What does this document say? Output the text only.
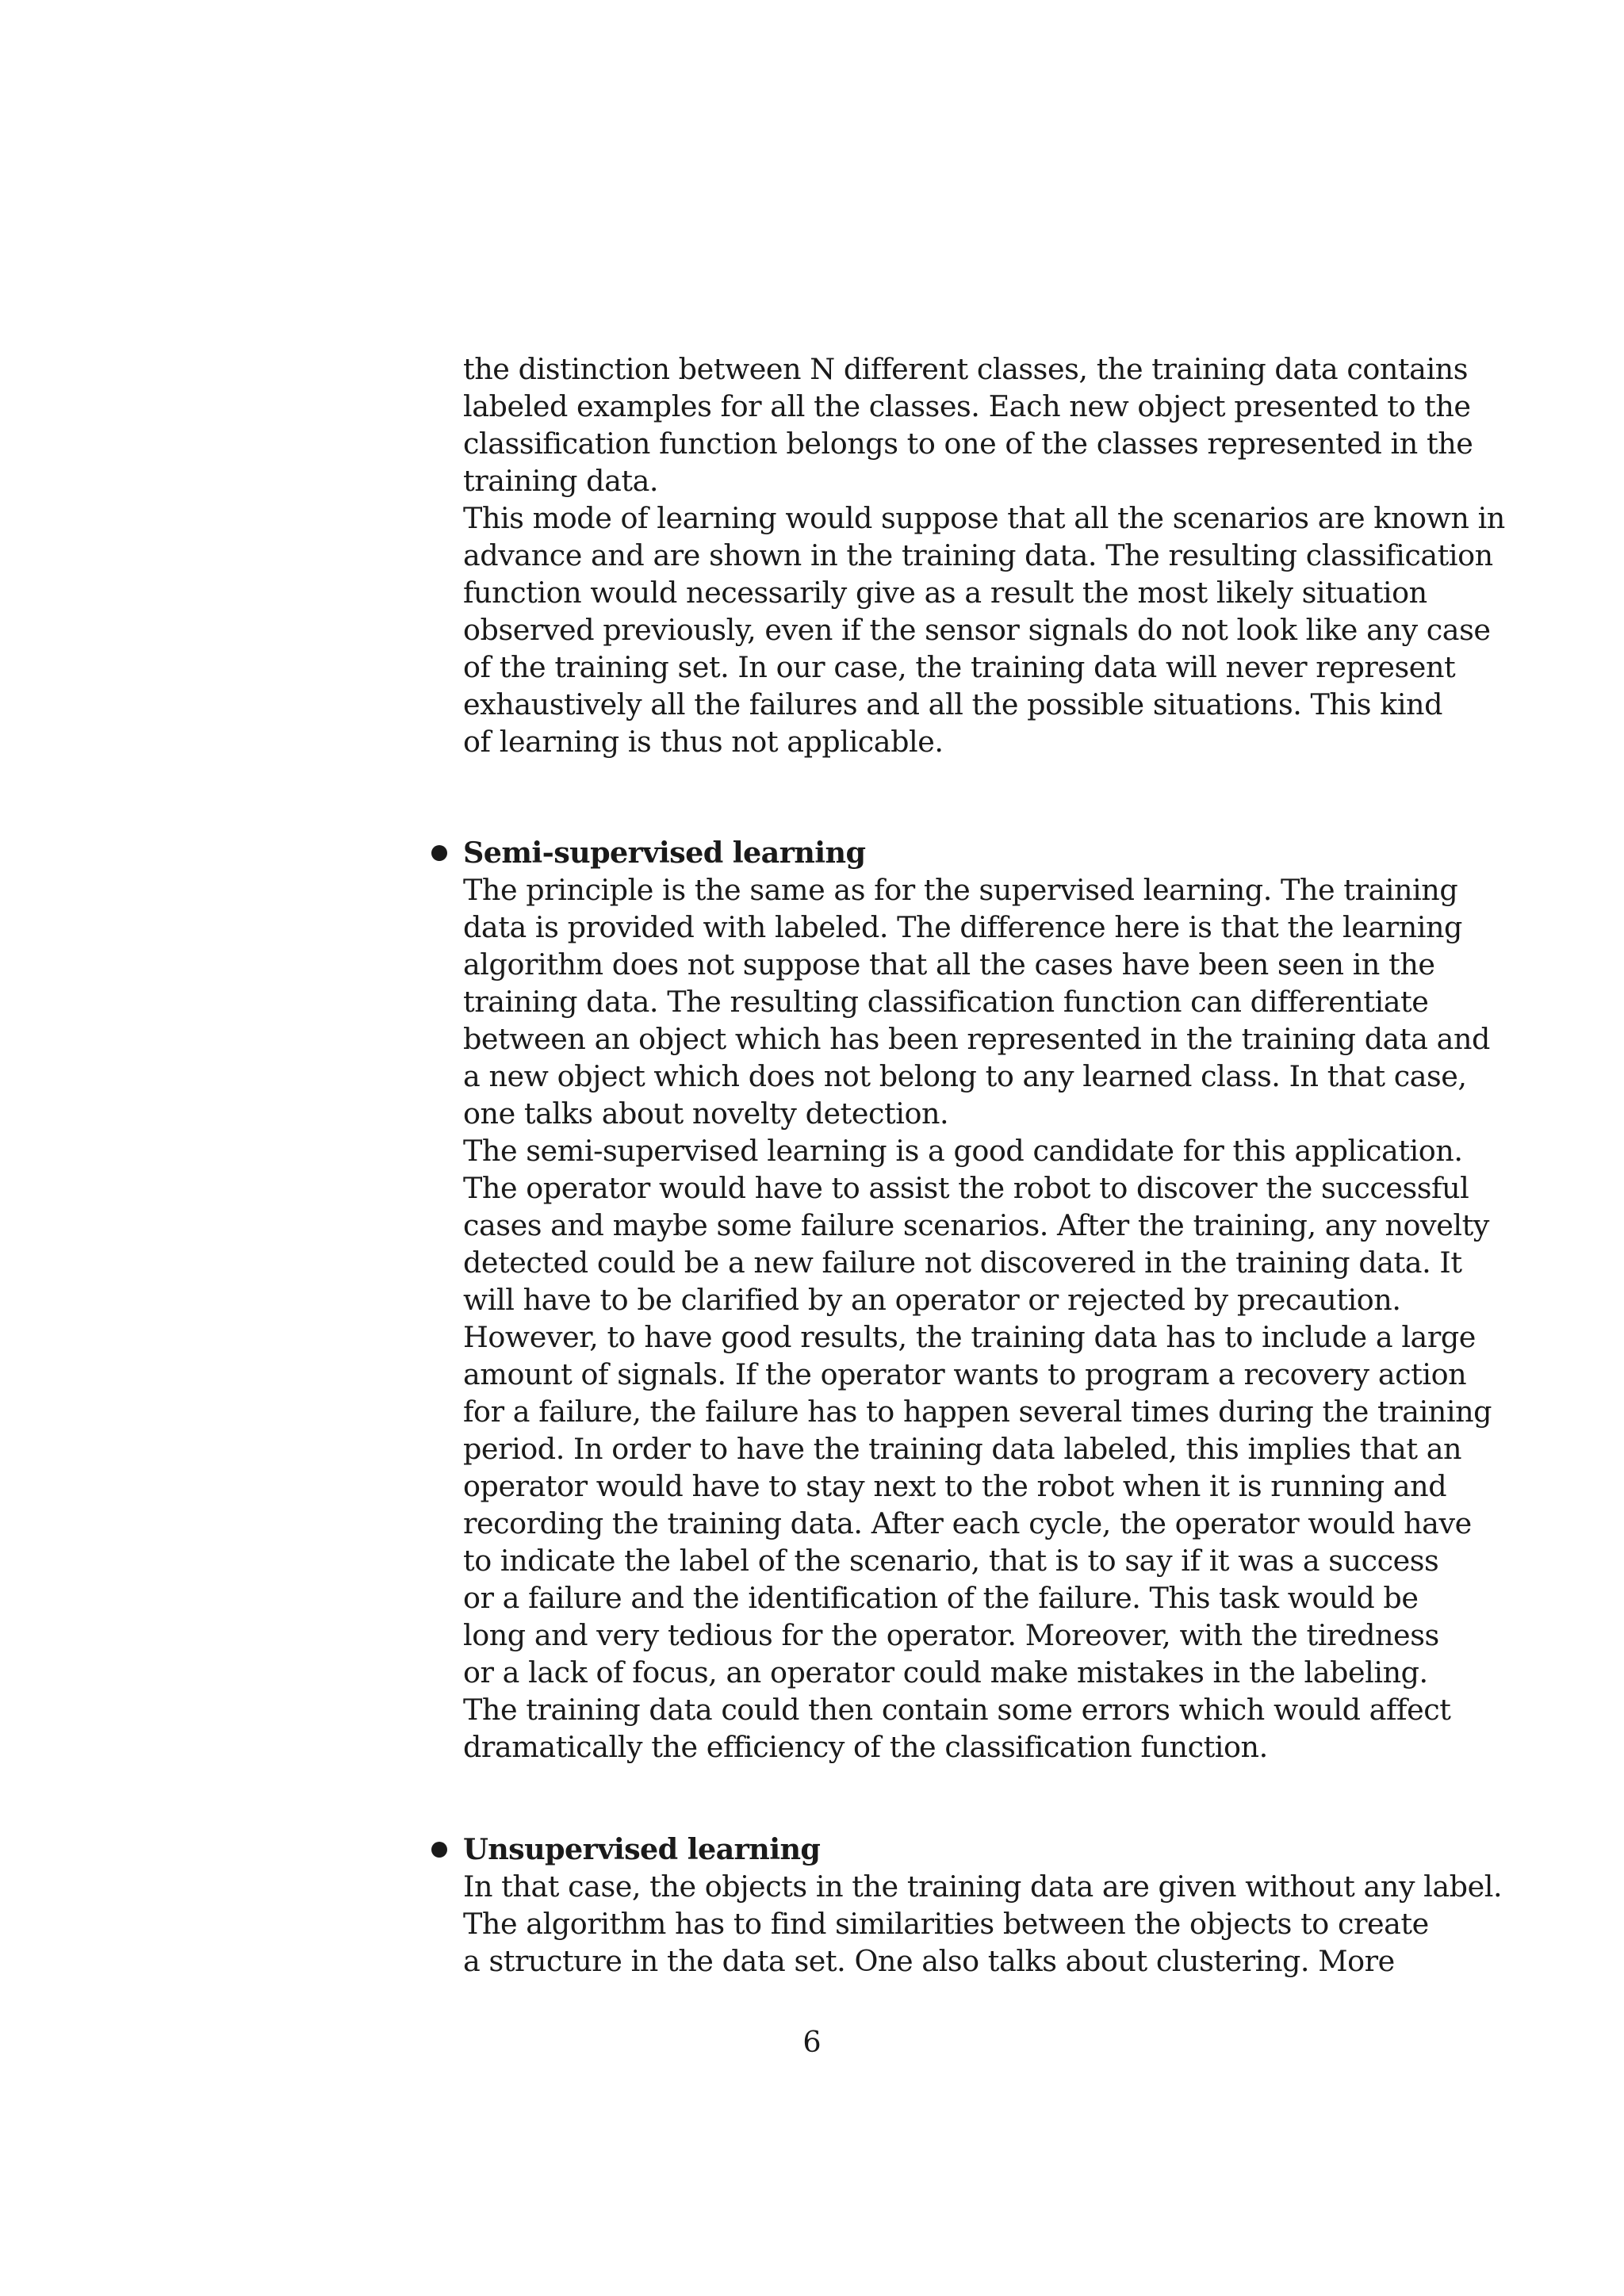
the distinction between N different classes, the training data contains
labeled examples for all the classes. Each new object presented to the
classification function belongs to one of the classes represented in the
training data.
This mode of learning would suppose that all the scenarios are known in
advance and are shown in the training data. The resulting classification
function would necessarily give as a result the most likely situation
observed previously, even if the sensor signals do not look like any case
of the training set. In our case, the training data will never represent
exhaustively all the failures and all the possible situations. This kind
of learning is thus not applicable.
Semi-supervised learning
The principle is the same as for the supervised learning. The training
data is provided with labeled. The difference here is that the learning
algorithm does not suppose that all the cases have been seen in the
training data. The resulting classification function can differentiate
between an object which has been represented in the training data and
a new object which does not belong to any learned class. In that case,
one talks about novelty detection.
The semi-supervised learning is a good candidate for this application.
The operator would have to assist the robot to discover the successful
cases and maybe some failure scenarios. After the training, any novelty
detected could be a new failure not discovered in the training data. It
will have to be clarified by an operator or rejected by precaution.
However, to have good results, the training data has to include a large
amount of signals. If the operator wants to program a recovery action
for a failure, the failure has to happen several times during the training
period. In order to have the training data labeled, this implies that an
operator would have to stay next to the robot when it is running and
recording the training data. After each cycle, the operator would have
to indicate the label of the scenario, that is to say if it was a success
or a failure and the identification of the failure. This task would be
long and very tedious for the operator. Moreover, with the tiredness
or a lack of focus, an operator could make mistakes in the labeling.
The training data could then contain some errors which would affect
dramatically the efficiency of the classification function.
Unsupervised learning
In that case, the objects in the training data are given without any label.
The algorithm has to find similarities between the objects to create
a structure in the data set. One also talks about clustering. More
6
